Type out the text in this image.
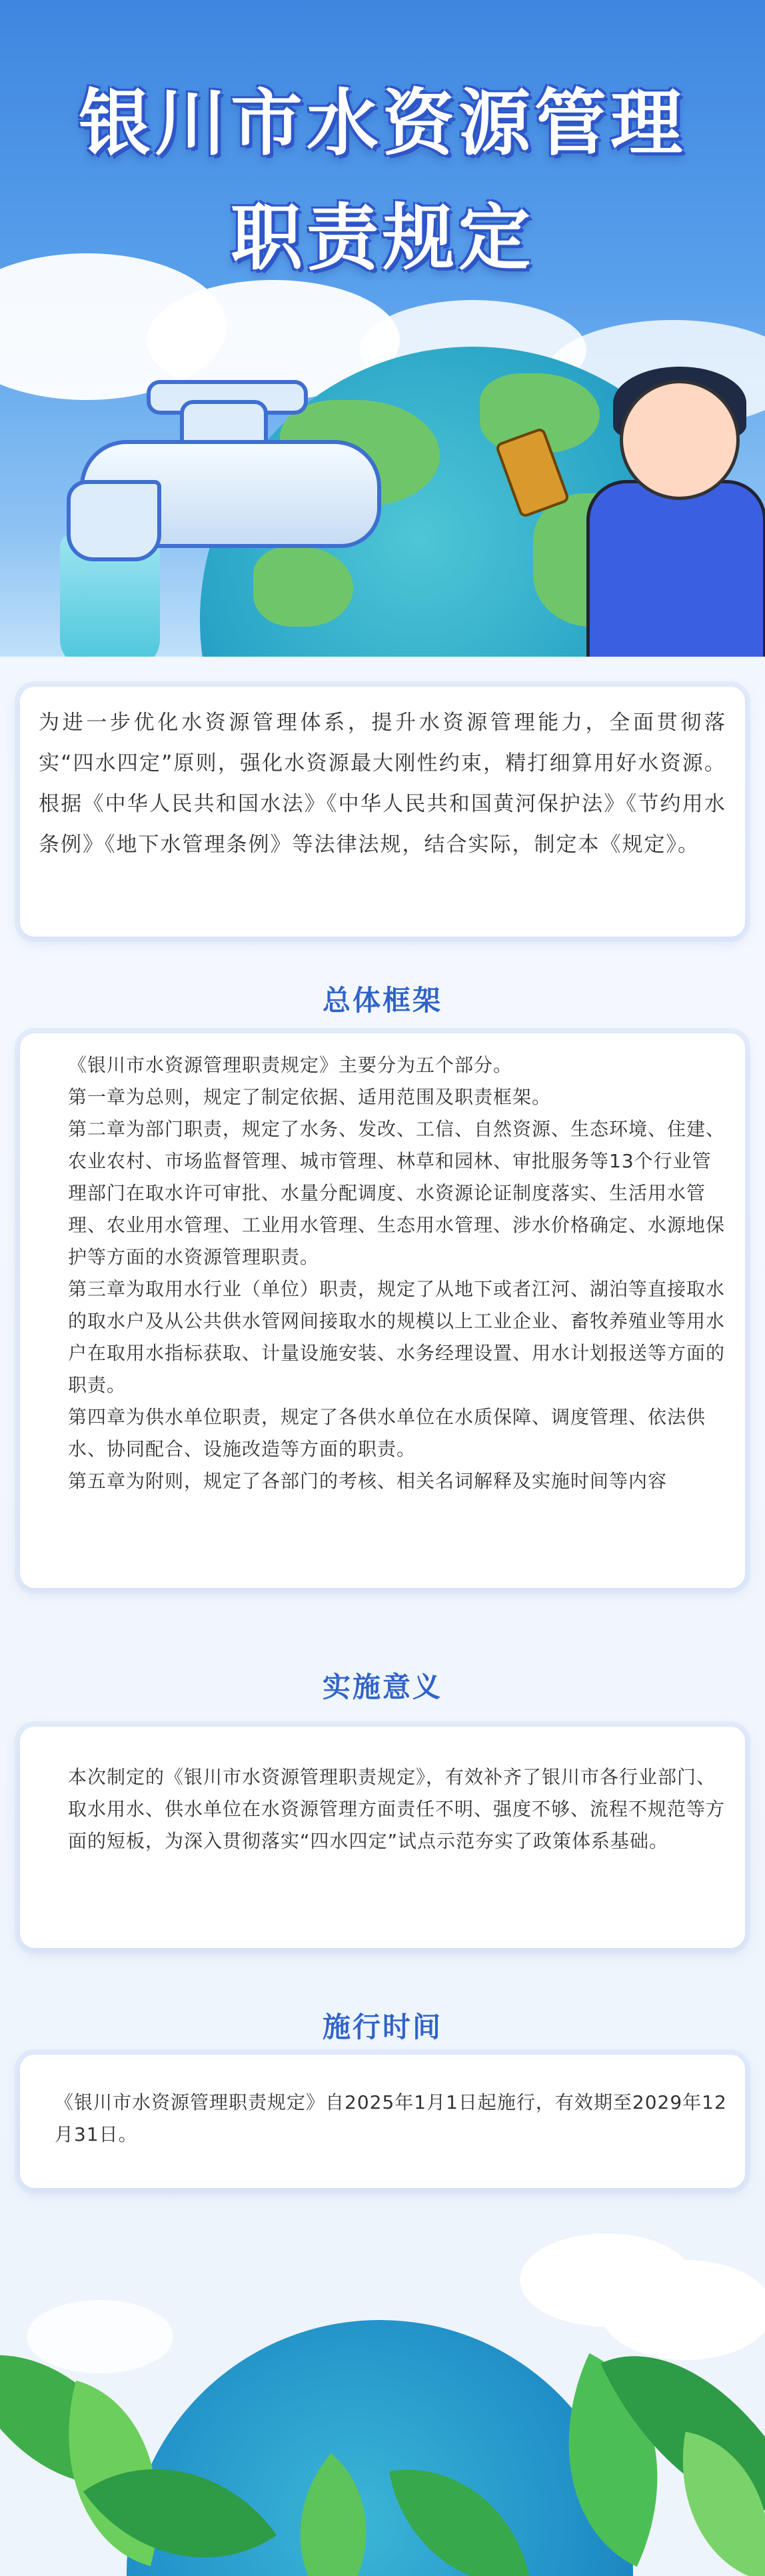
银川市水资源管理
职责规定
为进一步优化水资源管理体系，提升水资源管理能力，全面贯彻落实“四水四定”原则，强化水资源最大刚性约束，精打细算用好水资源。根据《中华人民共和国水法》《中华人民共和国黄河保护法》《节约用水条例》《地下水管理条例》等法律法规，结合实际，制定本《规定》。
总体框架

《银川市水资源管理职责规定》主要分为五个部分。

第一章为总则，规定了制定依据、适用范围及职责框架。

第二章为部门职责，规定了水务、发改、工信、自然资源、生态环境、住建、农业农村、市场监督管理、城市管理、林草和园林、审批服务等13个行业管理部门在取水许可审批、水量分配调度、水资源论证制度落实、生活用水管理、农业用水管理、工业用水管理、生态用水管理、涉水价格确定、水源地保护等方面的水资源管理职责。

第三章为取用水行业（单位）职责，规定了从地下或者江河、湖泊等直接取水的取水户及从公共供水管网间接取水的规模以上工业企业、畜牧养殖业等用水户在取用水指标获取、计量设施安装、水务经理设置、用水计划报送等方面的职责。

第四章为供水单位职责，规定了各供水单位在水质保障、调度管理、依法供水、协同配合、设施改造等方面的职责。

第五章为附则，规定了各部门的考核、相关名词解释及实施时间等内容

实施意义
本次制定的《银川市水资源管理职责规定》，有效补齐了银川市各行业部门、取水用水、供水单位在水资源管理方面责任不明、强度不够、流程不规范等方面的短板，为深入贯彻落实“四水四定”试点示范夯实了政策体系基础。
施行时间
《银川市水资源管理职责规定》自2025年1月1日起施行，有效期至2029年12月31日。
